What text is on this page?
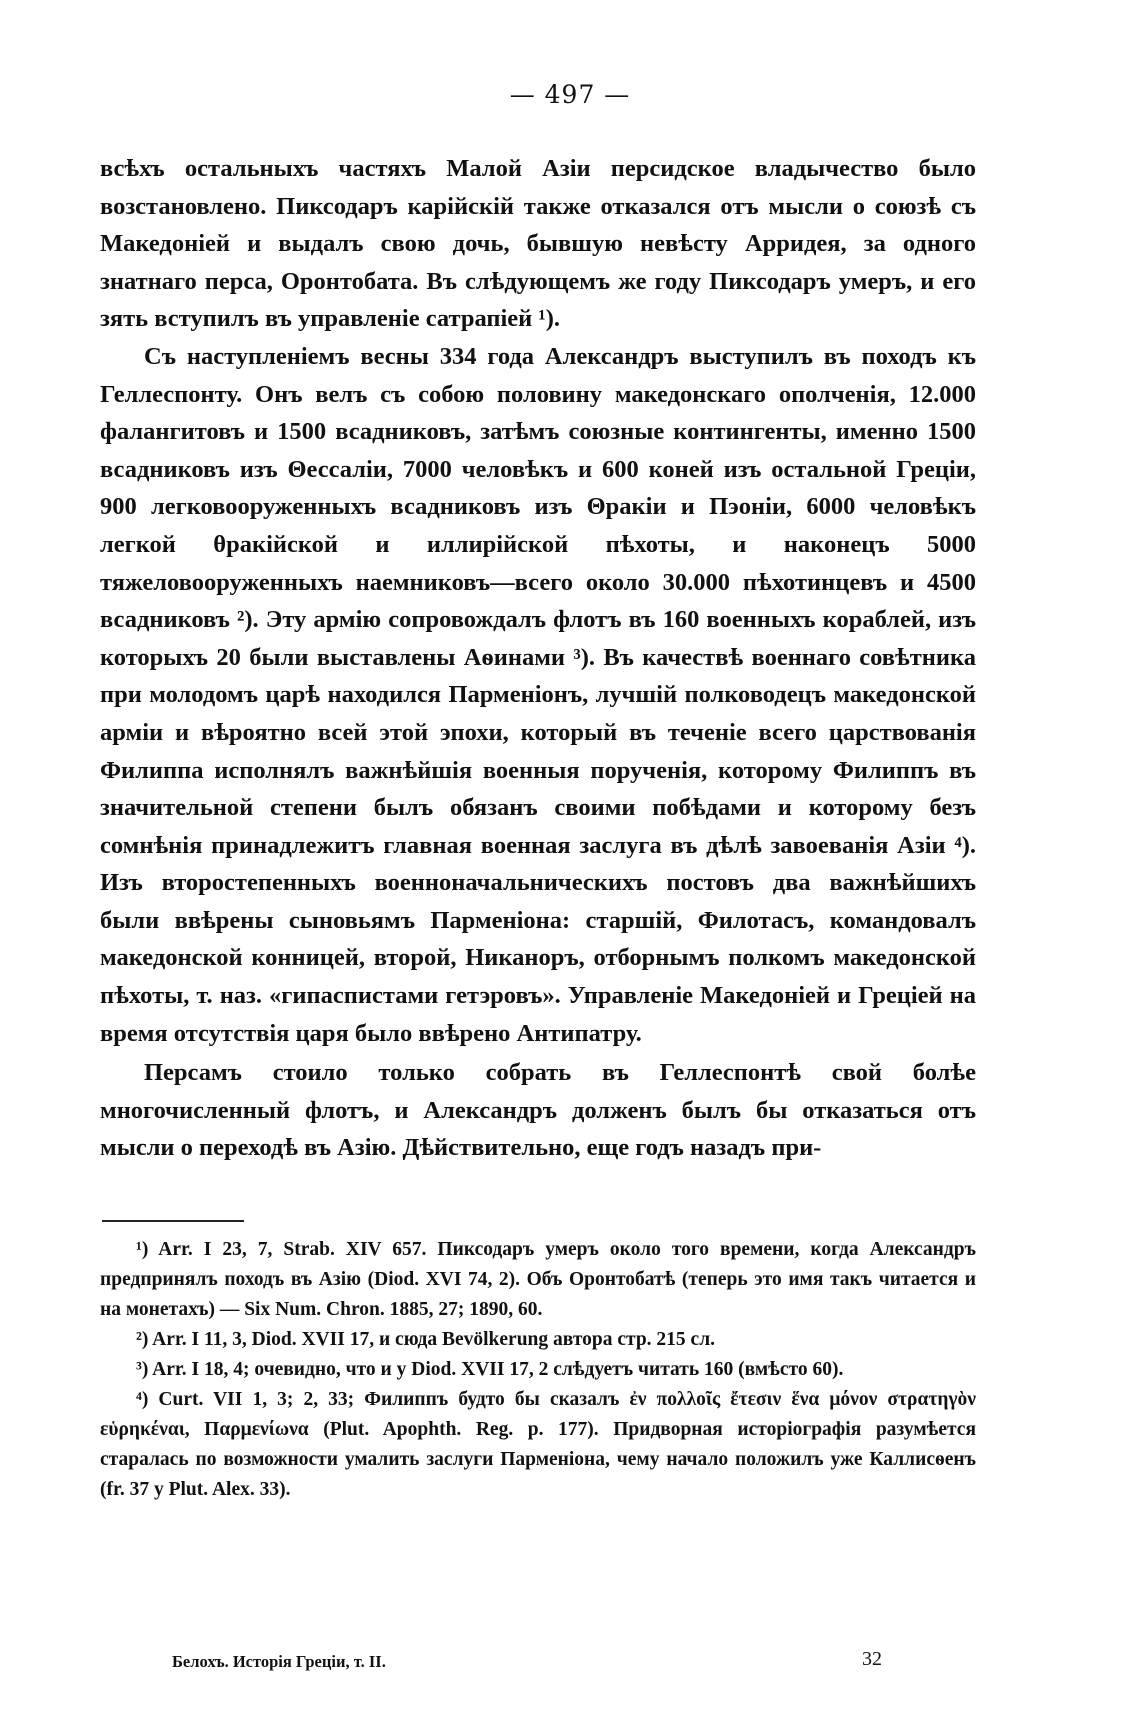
— 497 —

всѣхъ остальныхъ частяхъ Малой Азіи персидское владычество было возстановлено. Пиксодаръ карійскій также отказался отъ мысли о союзѣ съ Македоніей и выдалъ свою дочь, бывшую невѣсту Арридея, за одного знатнаго перса, Оронтобата. Въ слѣдующемъ же году Пиксодаръ умеръ, и его зять вступилъ въ управленіе сатрапіей ¹).

Съ наступленіемъ весны 334 года Александръ выступилъ въ походъ къ Геллеспонту. Онъ велъ съ собою половину македонскаго ополченія, 12.000 фалангитовъ и 1500 всадниковъ, затѣмъ союзные контингенты, именно 1500 всадниковъ изъ Θессаліи, 7000 человѣкъ и 600 коней изъ остальной Греціи, 900 легковооруженныхъ всадниковъ изъ Θракіи и Пэоніи, 6000 человѣкъ легкой θракійской и иллирійской пѣхоты, и наконецъ 5000 тяжеловооруженныхъ наемниковъ—всего около 30.000 пѣхотинцевъ и 4500 всадниковъ ²). Эту армію сопровождалъ флотъ въ 160 военныхъ кораблей, изъ которыхъ 20 были выставлены Аѳинами ³). Въ качествѣ военнаго совѣтника при молодомъ царѣ находился Парменіонъ, лучшій полководецъ македонской арміи и вѣроятно всей этой эпохи, который въ теченіе всего царствованія Филиппа исполнялъ важнѣйшія военныя порученія, которому Филиппъ въ значительной степени былъ обязанъ своими побѣдами и которому безъ сомнѣнія принадлежитъ главная военная заслуга въ дѣлѣ завоеванія Азіи ⁴). Изъ второстепенныхъ военноначальническихъ постовъ два важнѣйшихъ были ввѣрены сыновьямъ Парменіона: старшій, Филотасъ, командовалъ македонской конницей, второй, Никаноръ, отборнымъ полкомъ македонской пѣхоты, т. наз. «гипаспистами гетэровъ». Управленіе Македоніей и Греціей на время отсутствія царя было ввѣрено Антипатру.

Персамъ стоило только собрать въ Геллеспонтѣ свой болѣе многочисленный флотъ, и Александръ долженъ былъ бы отказаться отъ мысли о переходѣ въ Азію. Дѣйствительно, еще годъ назадъ при-

¹) Arr. I 23, 7, Strab. XIV 657. Пиксодаръ умеръ около того времени, когда Александръ предпринялъ походъ въ Азію (Diod. XVI 74, 2). Объ Оронтобатѣ (теперь это имя такъ читается и на монетахъ) — Six Num. Chron. 1885, 27; 1890, 60.

²) Arr. I 11, 3, Diod. XVII 17, и сюда Bevölkerung автора стр. 215 сл.

³) Arr. I 18, 4; очевидно, что и у Diod. XVII 17, 2 слѣдуетъ читать 160 (вмѣсто 60).

⁴) Curt. VII 1, 3; 2, 33; Филиппъ будто бы сказалъ ἐν πολλοῖς ἔτεσιν ἕνα μόνον στρατηγὸν εὑρηκέναι, Παρμενίωνα (Plut. Apophth. Reg. p. 177). Придворная исторіографія разумѣется старалась по возможности умалить заслуги Парменіона, чему начало положилъ уже Каллисѳенъ (fr. 37 у Plut. Alex. 33).

Белохъ. Исторія Греціи, т. II.	32
